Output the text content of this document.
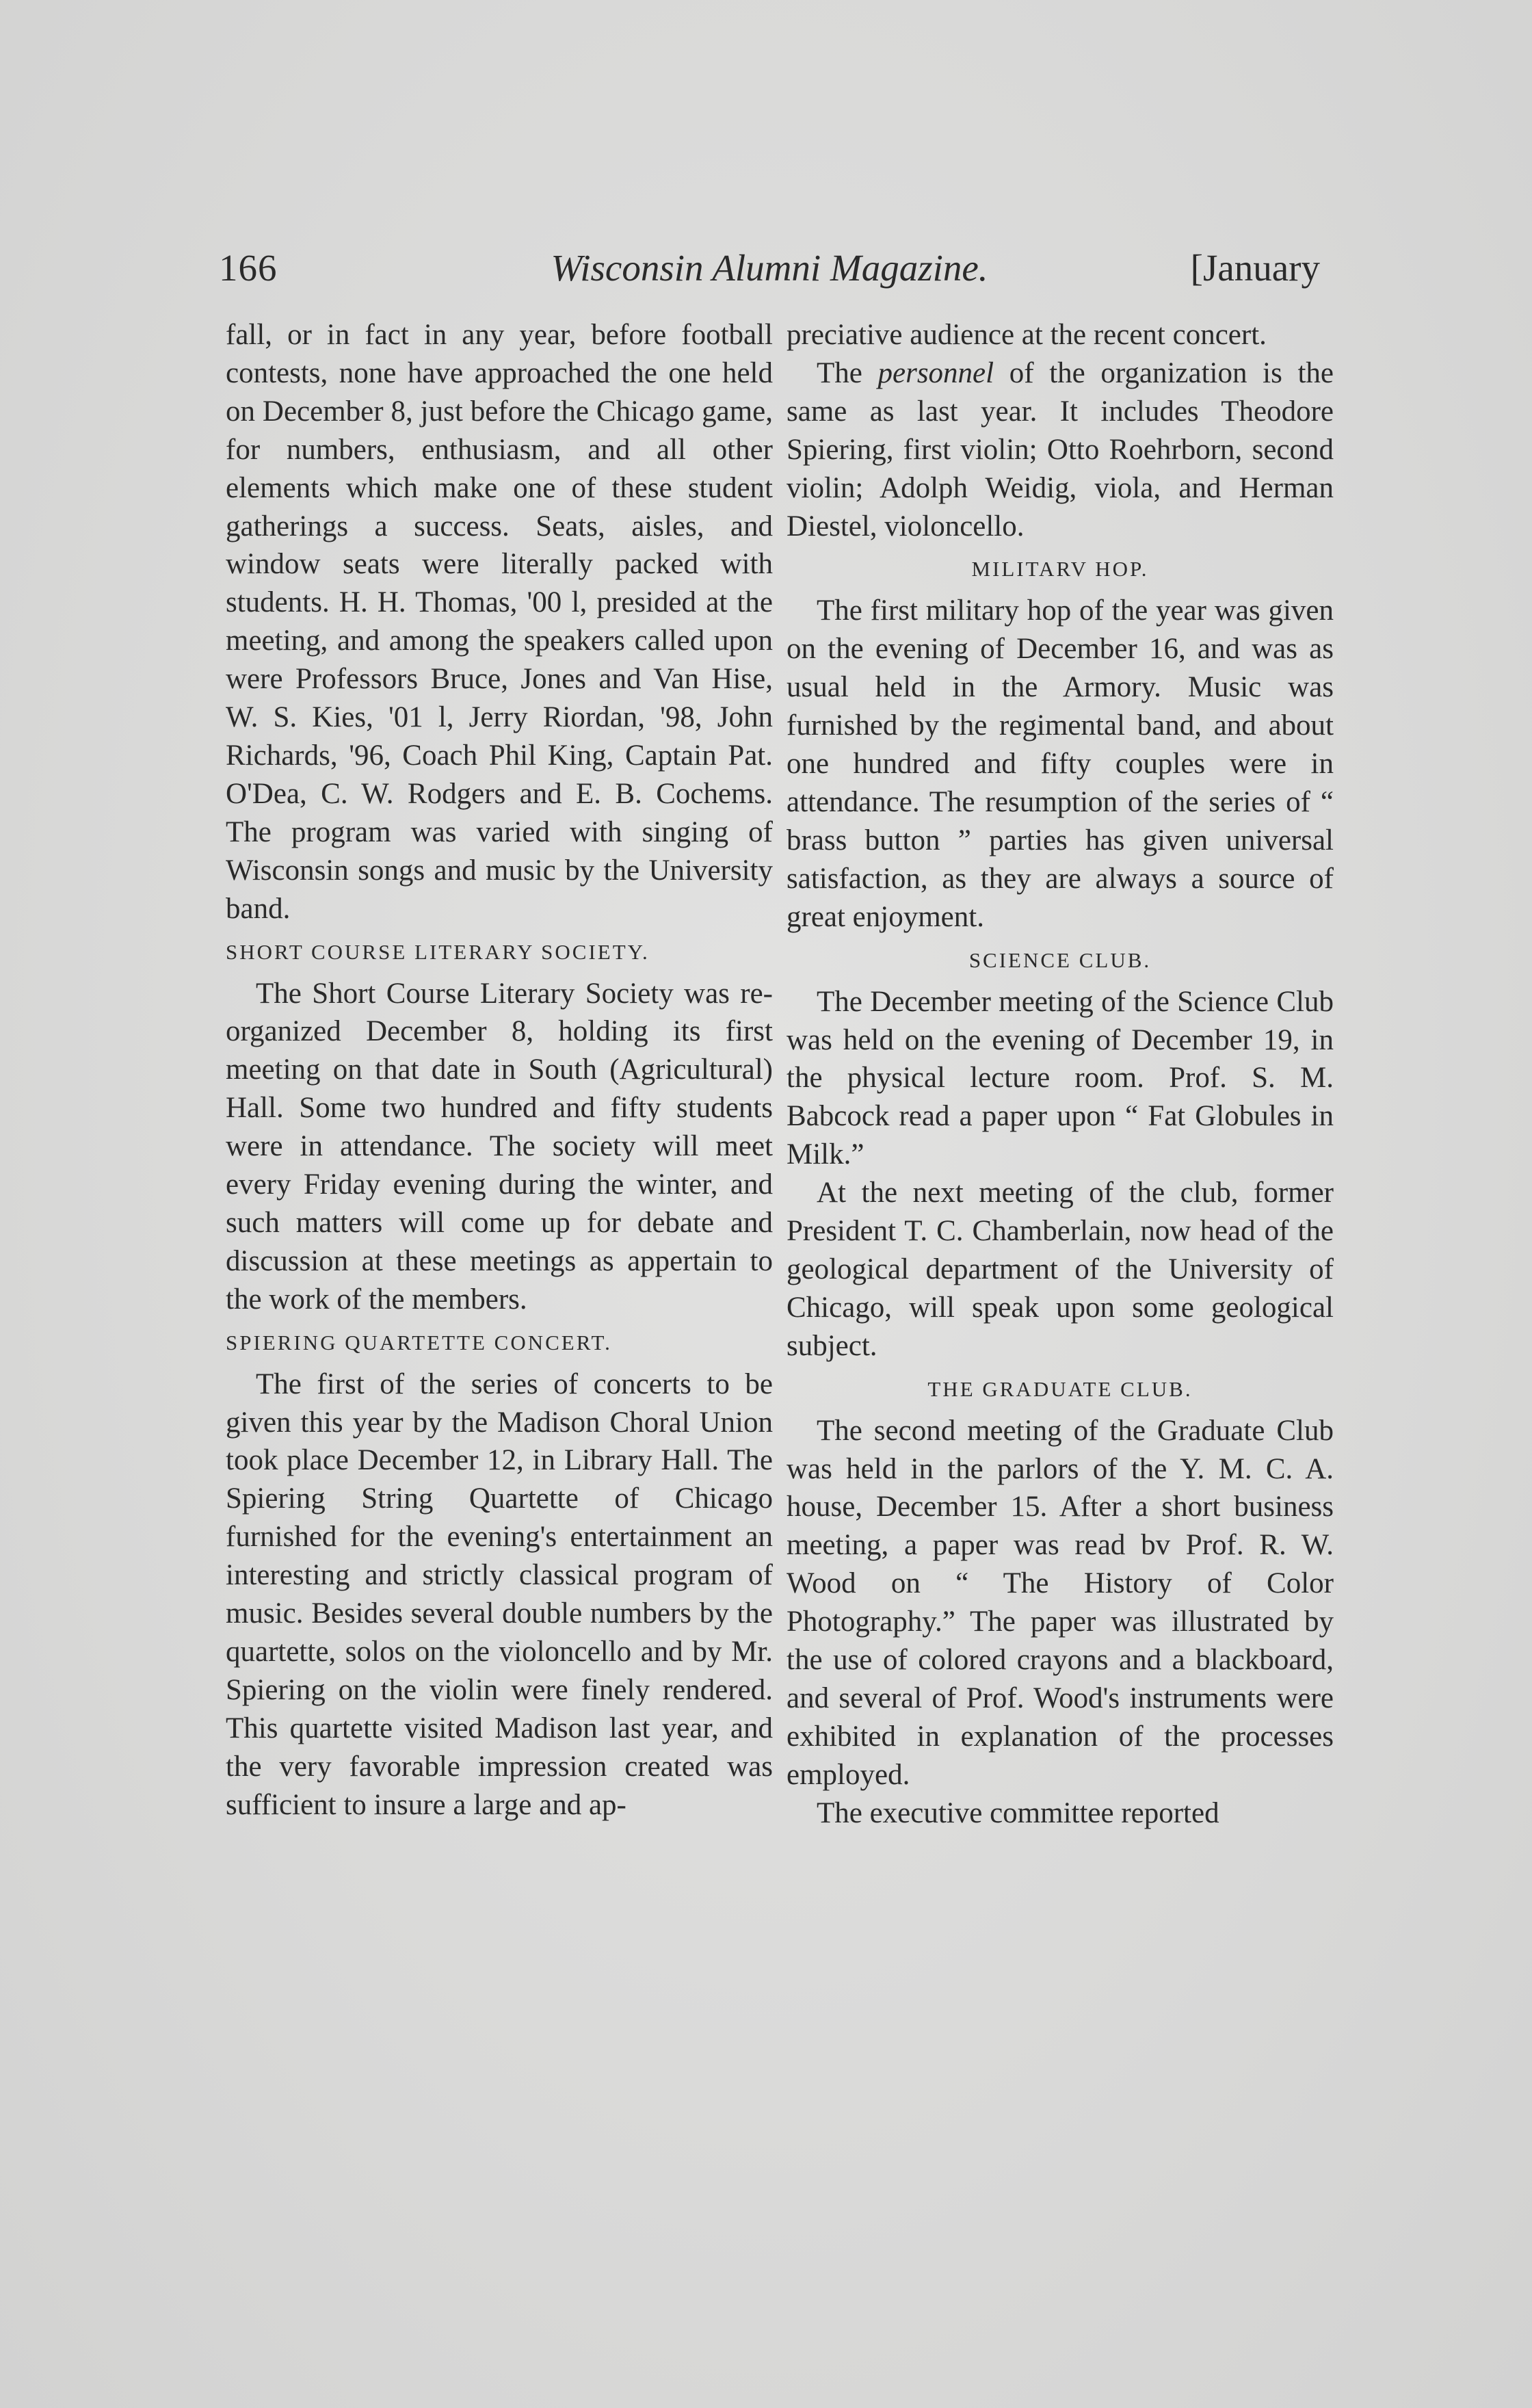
166	Wisconsin Alumni Magazine.	[January

fall, or in fact in any year, before football contests, none have approached the one held on December 8, just before the Chicago game, for numbers, enthusiasm, and all other elements which make one of these student gatherings a success. Seats, aisles, and window seats were literally packed with students. H. H. Thomas, '00 l, presided at the meeting, and among the speakers called upon were Professors Bruce, Jones and Van Hise, W. S. Kies, '01 l, Jerry Riordan, '98, John Richards, '96, Coach Phil King, Captain Pat. O'Dea, C. W. Rodgers and E. B. Cochems. The program was varied with singing of Wisconsin songs and music by the University band.

SHORT COURSE LITERARY SOCIETY.

The Short Course Literary Society was re-organized December 8, holding its first meeting on that date in South (Agricultural) Hall. Some two hundred and fifty students were in attendance. The society will meet every Friday evening during the winter, and such matters will come up for debate and discussion at these meetings as appertain to the work of the members.

SPIERING QUARTETTE CONCERT.

The first of the series of concerts to be given this year by the Madison Choral Union took place December 12, in Library Hall. The Spiering String Quartette of Chicago furnished for the evening's entertainment an interesting and strictly classical program of music. Besides several double numbers by the quartette, solos on the violoncello and by Mr. Spiering on the violin were finely rendered. This quartette visited Madison last year, and the very favorable impression created was sufficient to insure a large and ap-

preciative audience at the recent concert.

The personnel of the organization is the same as last year. It includes Theodore Spiering, first violin; Otto Roehrborn, second violin; Adolph Weidig, viola, and Herman Diestel, violoncello.

MILITARV HOP.

The first military hop of the year was given on the evening of December 16, and was as usual held in the Armory. Music was furnished by the regimental band, and about one hundred and fifty couples were in attendance. The resumption of the series of “ brass button ” parties has given universal satisfaction, as they are always a source of great enjoyment.

SCIENCE CLUB.

The December meeting of the Science Club was held on the evening of December 19, in the physical lecture room. Prof. S. M. Babcock read a paper upon “ Fat Globules in Milk.”

At the next meeting of the club, former President T. C. Chamberlain, now head of the geological department of the University of Chicago, will speak upon some geological subject.

THE GRADUATE CLUB.

The second meeting of the Graduate Club was held in the parlors of the Y. M. C. A. house, December 15. After a short business meeting, a paper was read bv Prof. R. W. Wood on “ The History of Color Photography.” The paper was illustrated by the use of colored crayons and a blackboard, and several of Prof. Wood's instruments were exhibited in explanation of the processes employed.

The executive committee reported
